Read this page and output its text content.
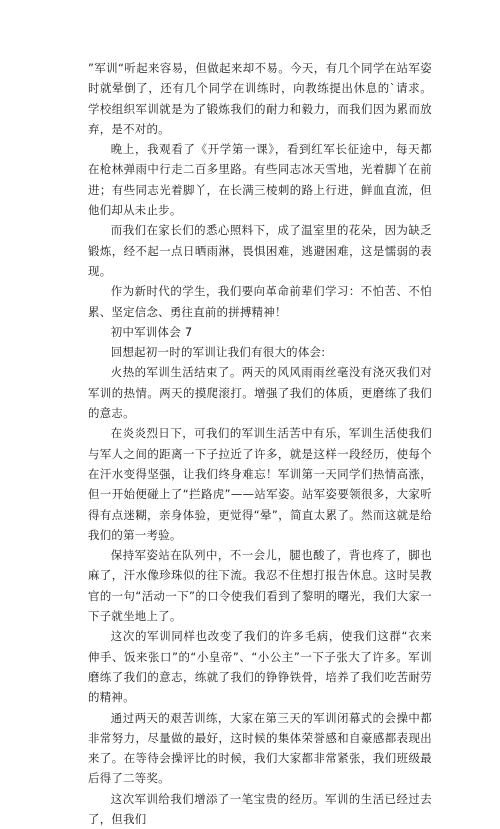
”军训“听起来容易，但做起来却不易。今天，有几个同学在站军姿时就晕倒了，还有几个同学在训练时，向教练提出休息的`请求。学校组织军训就是为了锻炼我们的耐力和毅力，而我们因为累而放弃，是不对的。

晚上，我观看了《开学第一课》，看到红军长征途中，每天都在枪林弹雨中行走二百多里路。有些同志冰天雪地，光着脚丫在前进；有些同志光着脚丫，在长满三棱刺的路上行进，鲜血直流，但他们却从未止步。

而我们在家长们的悉心照料下，成了温室里的花朵，因为缺乏锻炼，经不起一点日晒雨淋，畏惧困难，逃避困难，这是懦弱的表现。

作为新时代的学生，我们要向革命前辈们学习：不怕苦、不怕累、坚定信念、勇往直前的拼搏精神！

初中军训体会 7

回想起初一时的军训让我们有很大的体会:

火热的军训生活结束了。两天的风风雨雨丝毫没有浇灭我们对军训的热情。两天的摸爬滚打。增强了我们的体质，更磨练了我们的意志。

在炎炎烈日下，可我们的军训生活苦中有乐，军训生活使我们与军人之间的距离一下子拉近了许多，就是这样一段经历，使每个在汗水变得坚强，让我们终身难忘！军训第一天同学们热情高涨，但一开始便碰上了“拦路虎”——站军姿。站军姿要领很多，大家听得有点迷糊，亲身体验，更觉得“晕”，简直太累了。然而这就是给我们的第一考验。

保持军姿站在队列中，不一会儿，腿也酸了，背也疼了，脚也麻了，汗水像珍珠似的往下流。我忍不住想打报告休息。这时吴教官的一句“活动一下”的口令使我们看到了黎明的曙光，我们大家一下子就坐地上了。

这次的军训同样也改变了我们的许多毛病，使我们这群“衣来伸手、饭来张口”的“小皇帝”、“小公主”一下子张大了许多。军训磨练了我们的意志，练就了我们的铮铮铁骨，培养了我们吃苦耐劳的精神。

通过两天的艰苦训练，大家在第三天的军训闭幕式的会操中都非常努力，尽量做的最好，这时候的集体荣誉感和自豪感都表现出来了。在等待会操评比的时候，我们大家都非常紧张，我们班级最后得了二等奖。

这次军训给我们增添了一笔宝贵的经历。军训的生活已经过去了，但我们
